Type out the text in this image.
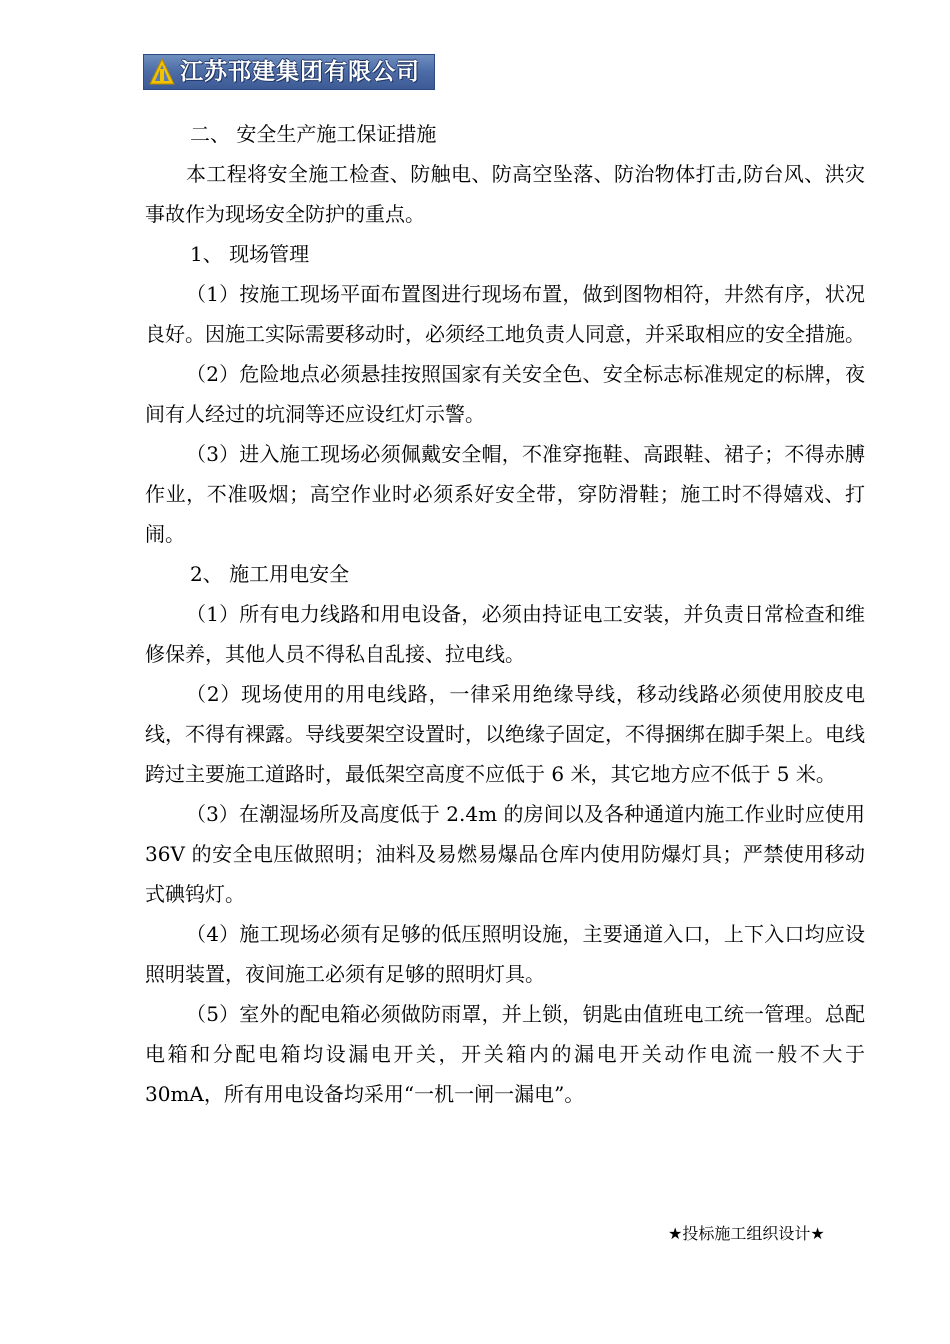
江苏邗建集团有限公司

二、 安全生产施工保证措施

本工程将安全施工检查、防触电、防高空坠落、防治物体打击,防台风、洪灾事故作为现场安全防护的重点。

1、 现场管理

（1）按施工现场平面布置图进行现场布置，做到图物相符，井然有序，状况良好。因施工实际需要移动时，必须经工地负责人同意，并采取相应的安全措施。

（2）危险地点必须悬挂按照国家有关安全色、安全标志标准规定的标牌，夜间有人经过的坑洞等还应设红灯示警。

（3）进入施工现场必须佩戴安全帽，不准穿拖鞋、高跟鞋、裙子；不得赤膊作业，不准吸烟；高空作业时必须系好安全带，穿防滑鞋；施工时不得嬉戏、打闹。

2、 施工用电安全

（1）所有电力线路和用电设备，必须由持证电工安装，并负责日常检查和维修保养，其他人员不得私自乱接、拉电线。

（2）现场使用的用电线路，一律采用绝缘导线，移动线路必须使用胶皮电线，不得有裸露。导线要架空设置时，以绝缘子固定，不得捆绑在脚手架上。电线跨过主要施工道路时，最低架空高度不应低于 6 米，其它地方应不低于 5 米。

（3）在潮湿场所及高度低于 2.4m 的房间以及各种通道内施工作业时应使用 36V 的安全电压做照明；油料及易燃易爆品仓库内使用防爆灯具；严禁使用移动式碘钨灯。

（4）施工现场必须有足够的低压照明设施，主要通道入口，上下入口均应设照明装置，夜间施工必须有足够的照明灯具。

（5）室外的配电箱必须做防雨罩，并上锁，钥匙由值班电工统一管理。总配电箱和分配电箱均设漏电开关，开关箱内的漏电开关动作电流一般不大于 30mA，所有用电设备均采用“一机一闸一漏电”。

★投标施工组织设计★
